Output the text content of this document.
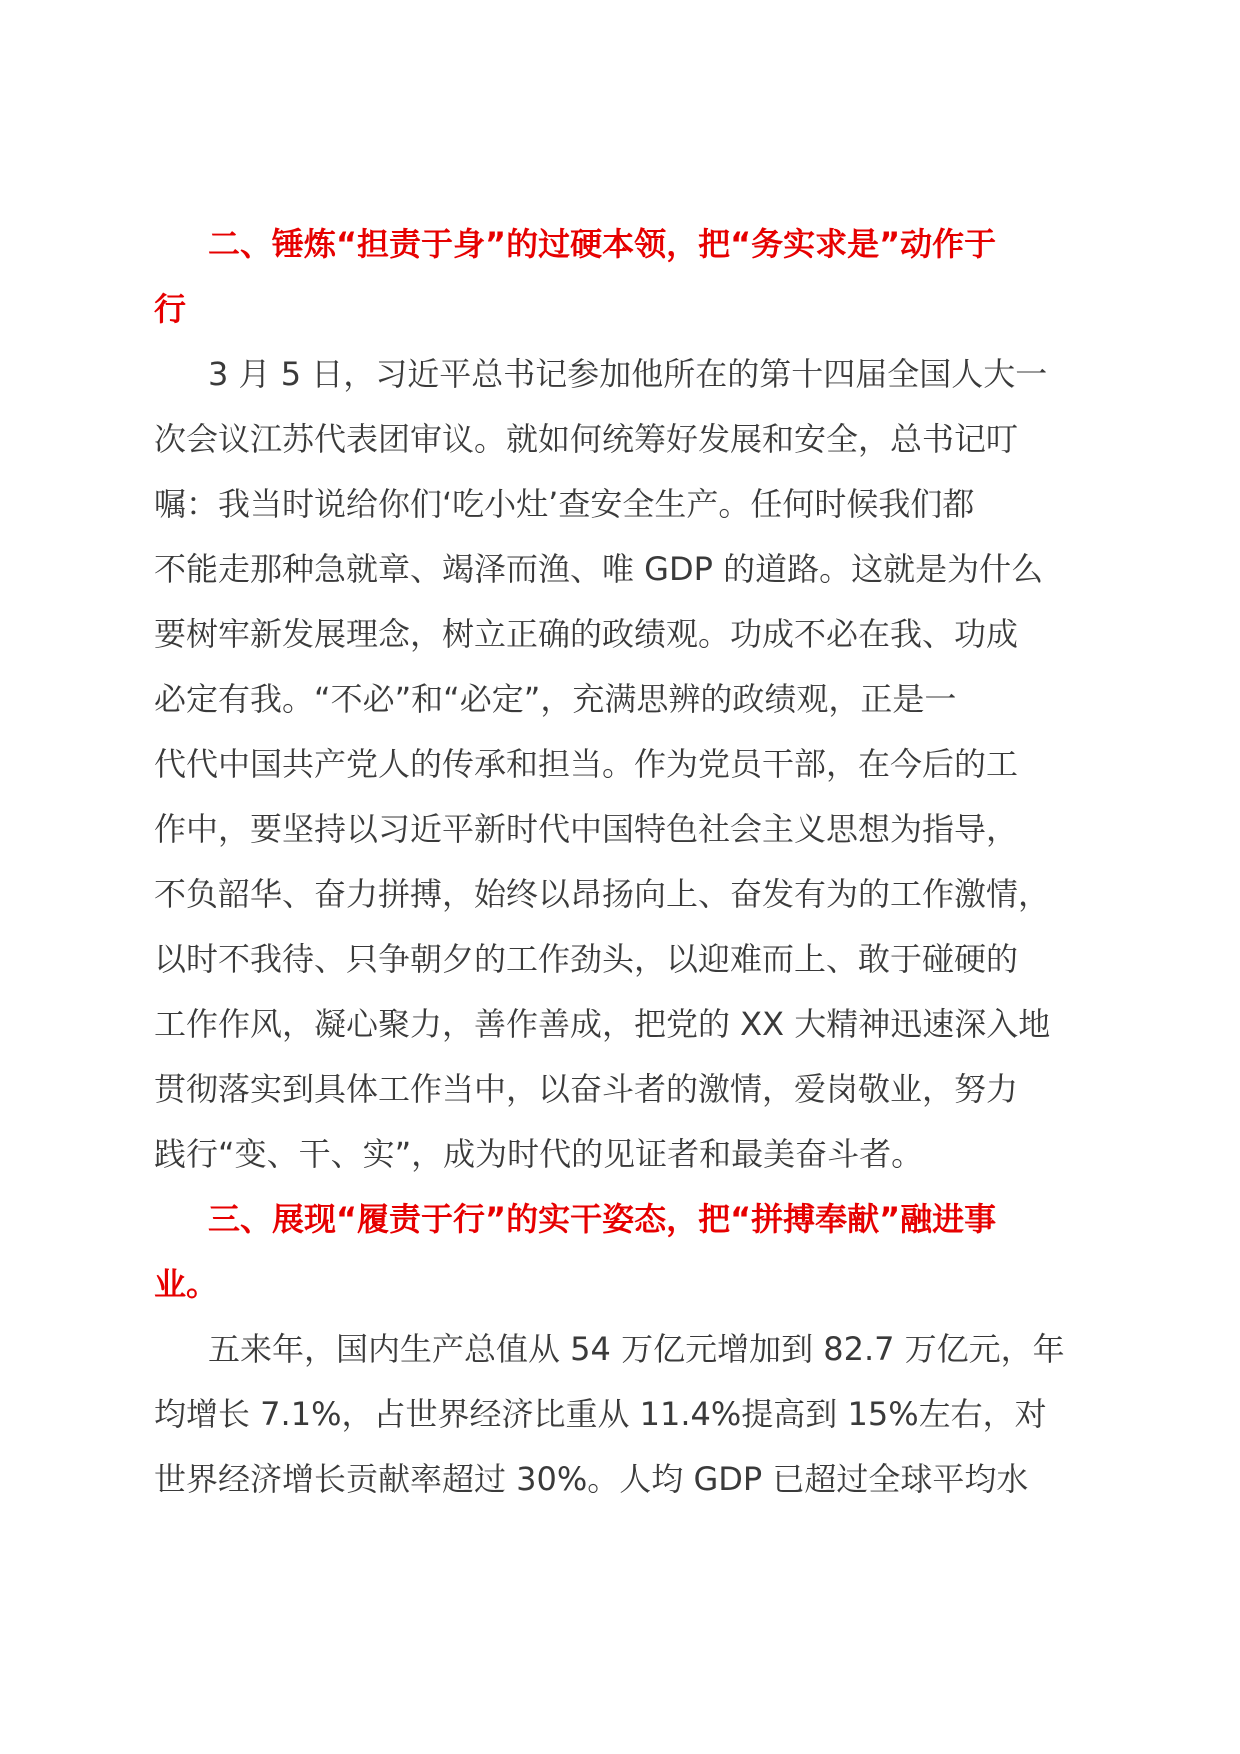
二、锤炼“担责于身”的过硬本领，把“务实求是”动作于
行
3 月 5 日，习近平总书记参加他所在的第十四届全国人大一
次会议江苏代表团审议。就如何统筹好发展和安全，总书记叮
嘱：我当时说给你们‘吃小灶’查安全生产。任何时候我们都
不能走那种急就章、竭泽而渔、唯 GDP 的道路。这就是为什么
要树牢新发展理念，树立正确的政绩观。功成不必在我、功成
必定有我。“不必”和“必定”，充满思辨的政绩观，正是一
代代中国共产党人的传承和担当。作为党员干部，在今后的工
作中，要坚持以习近平新时代中国特色社会主义思想为指导，
不负韶华、奋力拼搏，始终以昂扬向上、奋发有为的工作激情，
以时不我待、只争朝夕的工作劲头，以迎难而上、敢于碰硬的
工作作风，凝心聚力，善作善成，把党的 XX 大精神迅速深入地
贯彻落实到具体工作当中，以奋斗者的激情，爱岗敬业，努力
践行“变、干、实”，成为时代的见证者和最美奋斗者。
三、展现“履责于行”的实干姿态，把“拼搏奉献”融进事
业。
五来年，国内生产总值从 54 万亿元增加到 82.7 万亿元，年
均增长 7.1%，占世界经济比重从 11.4%提高到 15%左右，对
世界经济增长贡献率超过 30%。人均 GDP 已超过全球平均水
